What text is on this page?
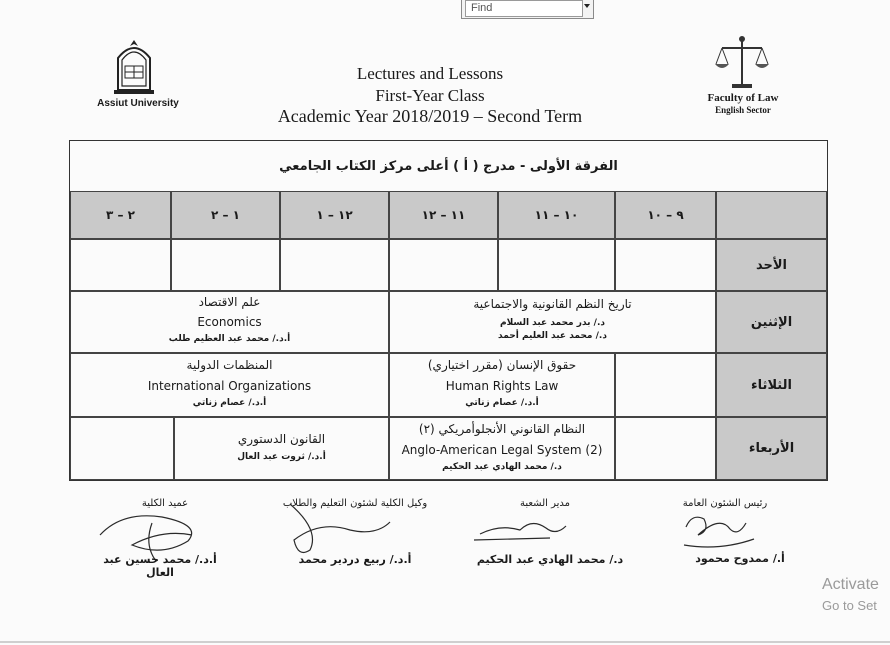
Find
Assiut University
Lectures and Lessons
First-Year Class
Academic Year 2018/2019 – Second Term
Faculty of Law
English Sector
الفرقة الأولى - مدرج ( أ ) أعلى مركز الكتاب الجامعي
٩ – ١٠
١٠ – ١١
١١ – ١٢
١٢ – ١
١ – ٢
٢ – ٣
الأحد
الإثنين
تاريخ النظم القانونية والاجتماعية
د./ بدر محمد عبد السلام
د./ محمد عبد العليم أحمد
علم الاقتصاد
Economics
أ.د./ محمد عبد العظيم طلب
الثلاثاء
حقوق الإنسان (مقرر اختياري)
Human Rights Law
أ.د./ عصام زناتي
المنظمات الدولية
International Organizations
أ.د./ عصام زناتي
الأربعاء
النظام القانوني الأنجلوأمريكي (٢)
Anglo-American Legal System (2)
د./ محمد الهادي عبد الحكيم
القانون الدستوري
أ.د./ ثروت عبد العال
رئيس الشئون العامة
مدير الشعبة
وكيل الكلية لشئون التعليم والطلاب
عميد الكلية
أ./ ممدوح محمود
د./ محمد الهادي عبد الحكيم
أ.د./ ربيع دردير محمد
أ.د./ محمد حسين عبد العال
Activate
Go to Set
